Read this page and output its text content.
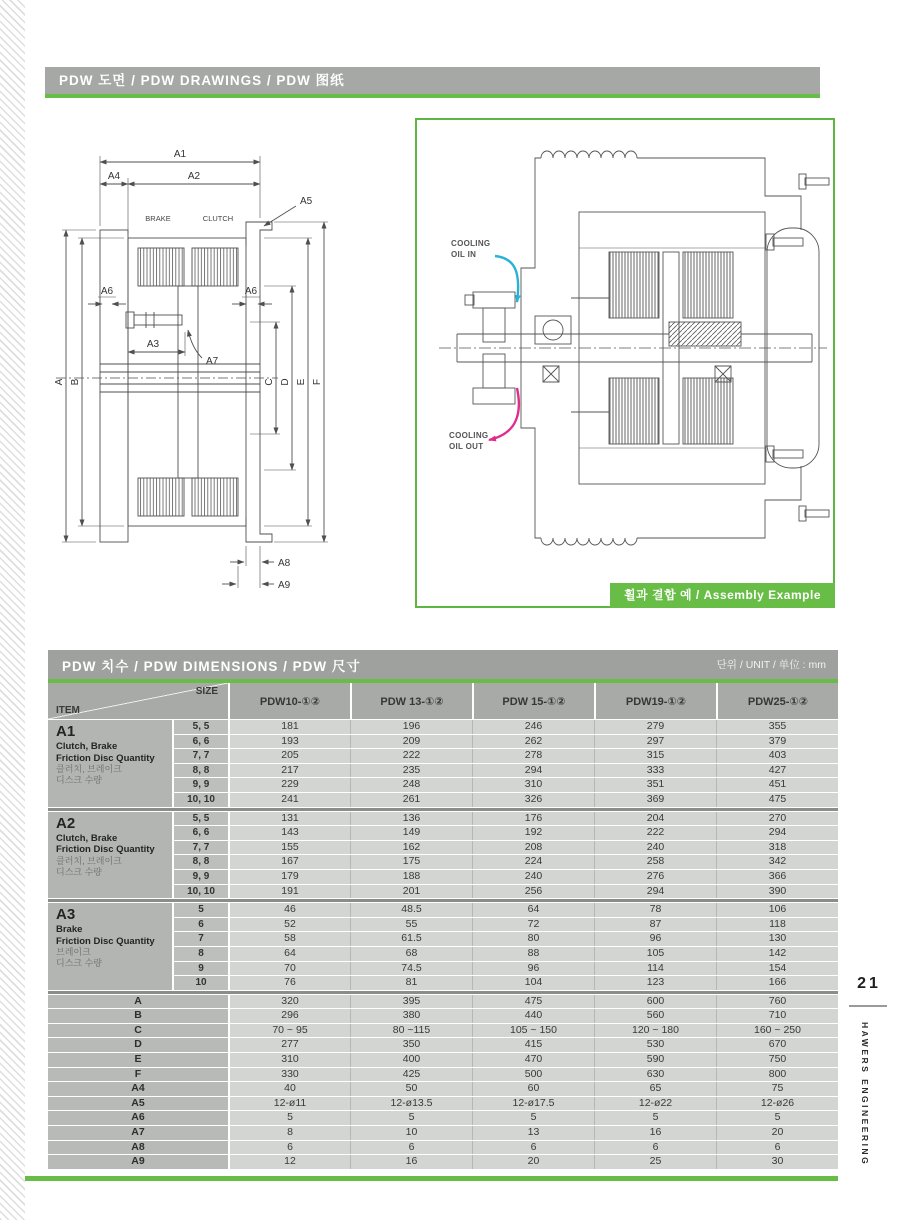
PDW 도면 / PDW DRAWINGS / PDW 图纸
A1
A4	A2
A5
BRAKE	CLUTCH
A6	A6
A3
A7
A B	C D E F
A8
A9
COOLING
OIL IN
COOLING
OIL OUT
휠과 결합 예 / Assembly Example
PDW 치수 / PDW DIMENSIONS / PDW 尺寸	단위 / UNIT / 单位 : mm
ITEM
SIZE
PDW10-①②	PDW 13-①②	PDW 15-①②	PDW19-①②	PDW25-①②
A1
Clutch, Brake
Friction Disc Quantity
클러치, 브레이크
디스크 수량
5, 5	181	196	246	279	355
6, 6	193	209	262	297	379
7, 7	205	222	278	315	403
8, 8	217	235	294	333	427
9, 9	229	248	310	351	451
10, 10	241	261	326	369	475
A2
Clutch, Brake
Friction Disc Quantity
클러치, 브레이크
디스크 수량
5, 5	131	136	176	204	270
6, 6	143	149	192	222	294
7, 7	155	162	208	240	318
8, 8	167	175	224	258	342
9, 9	179	188	240	276	366
10, 10	191	201	256	294	390
A3
Brake
Friction Disc Quantity
브레이크
디스크 수량
5	46	48.5	64	78	106
6	52	55	72	87	118
7	58	61.5	80	96	130
8	64	68	88	105	142
9	70	74.5	96	114	154
10	76	81	104	123	166
A	320	395	475	600	760
B	296	380	440	560	710
C	70 ~ 95	80 ~115	105 ~ 150	120 ~ 180	160 ~ 250
D	277	350	415	530	670
E	310	400	470	590	750
F	330	425	500	630	800
A4	40	50	60	65	75
A5	12-ø11	12-ø13.5	12-ø17.5	12-ø22	12-ø26
A6	5	5	5	5	5
A7	8	10	13	16	20
A8	6	6	6	6	6
A9	12	16	20	25	30
21
HAWERS ENGINEERING
